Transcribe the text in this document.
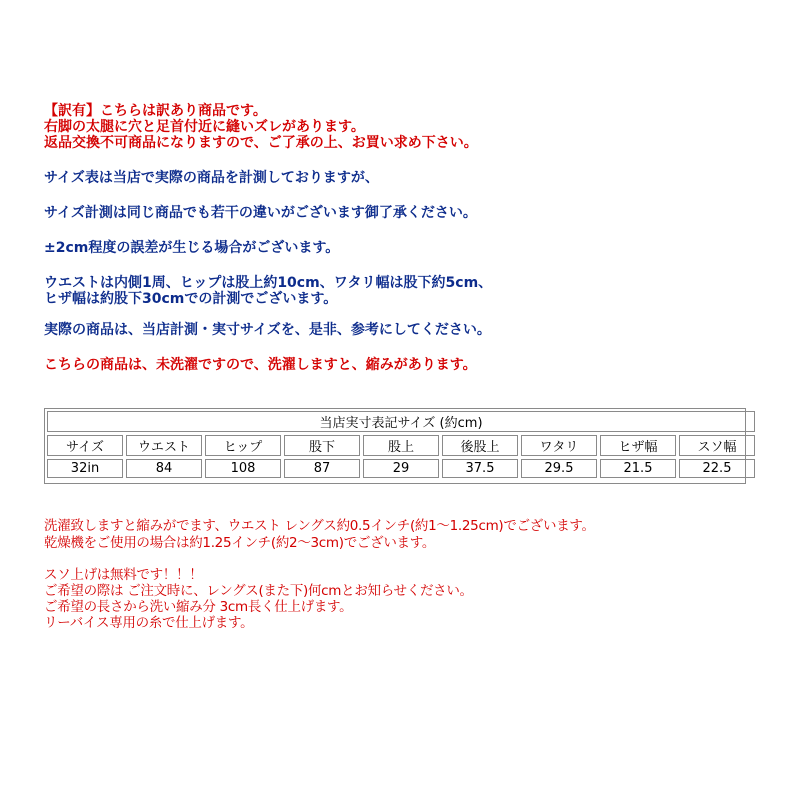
【訳有】こちらは訳あり商品です。
右脚の太腿に穴と足首付近に縫いズレがあります。
返品交換不可商品になりますので、ご了承の上、お買い求め下さい。
サイズ表は当店で実際の商品を計測しておりますが、
サイズ計測は同じ商品でも若干の違いがございます御了承ください。
±2cm程度の誤差が生じる場合がございます。
ウエストは内側1周、ヒップは股上約10cm、ワタリ幅は股下約5cm、
ヒザ幅は約股下30cmでの計測でございます。
実際の商品は、当店計測・実寸サイズを、是非、参考にしてください。
こちらの商品は、未洗濯ですので、洗濯しますと、縮みがあります。
当店実寸表記サイズ (約cm)								
サイズ	ウエスト	ヒップ	股下	股上	後股上	ワタリ	ヒザ幅	スソ幅
32in	84	108	87	29	37.5	29.5	21.5	22.5
洗濯致しますと縮みがでます、ウエスト レングス約0.5インチ(約1～1.25cm)でございます。
乾燥機をご使用の場合は約1.25インチ(約2～3cm)でございます。
スソ上げは無料です！！！
ご希望の際は ご注文時に、レングス(また下)何cmとお知らせください。
ご希望の長さから洗い縮み分 3cm長く仕上げます。
リーバイス専用の糸で仕上げます。
